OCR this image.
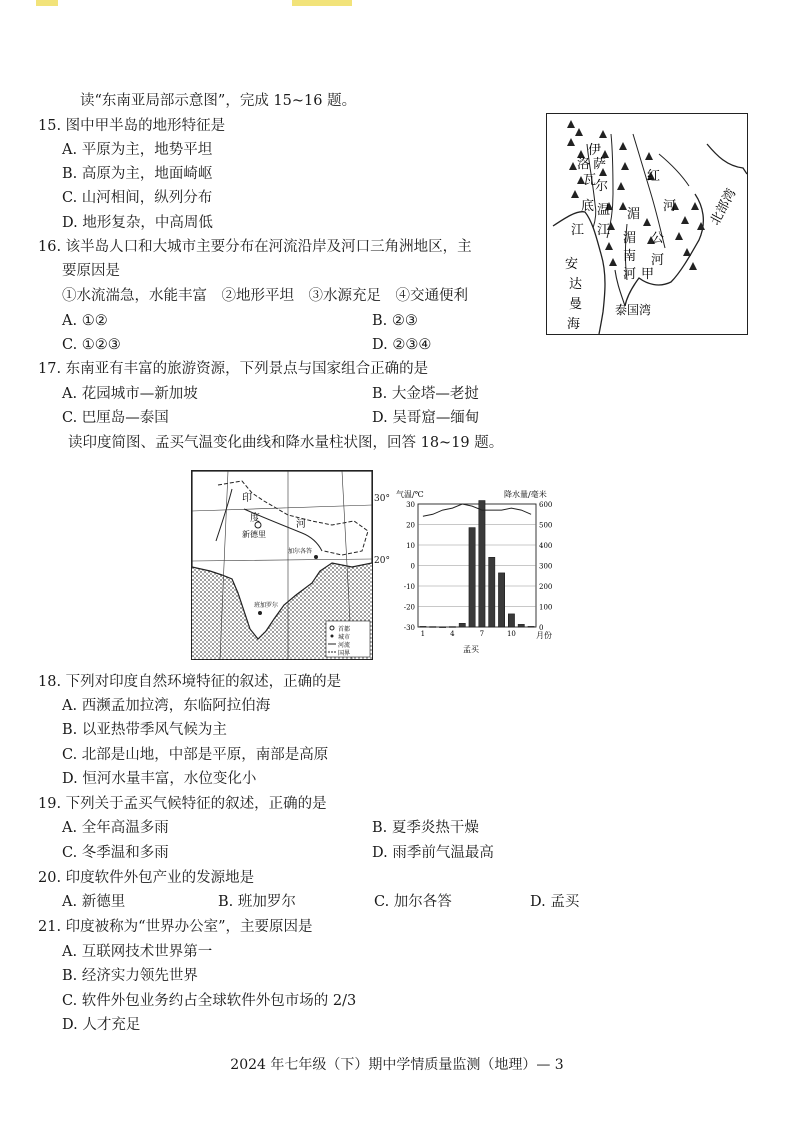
读“东南亚局部示意图”，完成 15~16 题。
15. 图中甲半岛的地形特征是
A. 平原为主，地势平坦
B. 高原为主，地面崎岖
C. 山河相间，纵列分布
D. 地形复杂，中高周低
16. 该半岛人口和大城市主要分布在河流沿岸及河口三角洲地区，主
要原因是
①水流湍急，水能丰富　②地形平坦　③水源充足　④交通便利
A. ①②	B. ②③
C. ①②③	D. ②③④
伊
洛
瓦
底
江
萨
尔
温
江
红
河
湄
公
河
湄
南
河 甲
北部湾
安
达
曼
海
泰国湾
17. 东南亚有丰富的旅游资源，下列景点与国家组合正确的是
A. 花园城市—新加坡	B. 大金塔—老挝
C. 巴厘岛—泰国	D. 吴哥窟—缅甸
读印度简图、孟买气温变化曲线和降水量柱状图，回答 18~19 题。
印
度
河
新德里
加尔各答
班加罗尔
首都
城市
河流
国界
30°
20°
气温/℃	降水量/毫米
30	600
20	500
10	400
0	300
-10	200
-20	100
-30	0
1	4	7	10	月份
孟买
18. 下列对印度自然环境特征的叙述，正确的是
A. 西濒孟加拉湾，东临阿拉伯海
B. 以亚热带季风气候为主
C. 北部是山地，中部是平原，南部是高原
D. 恒河水量丰富，水位变化小
19. 下列关于孟买气候特征的叙述，正确的是
A. 全年高温多雨	B. 夏季炎热干燥
C. 冬季温和多雨	D. 雨季前气温最高
20. 印度软件外包产业的发源地是
A. 新德里	B. 班加罗尔	C. 加尔各答	D. 孟买
21. 印度被称为“世界办公室”，主要原因是
A. 互联网技术世界第一
B. 经济实力领先世界
C. 软件外包业务约占全球软件外包市场的 2/3
D. 人才充足
2024 年七年级（下）期中学情质量监测（地理）— 3
